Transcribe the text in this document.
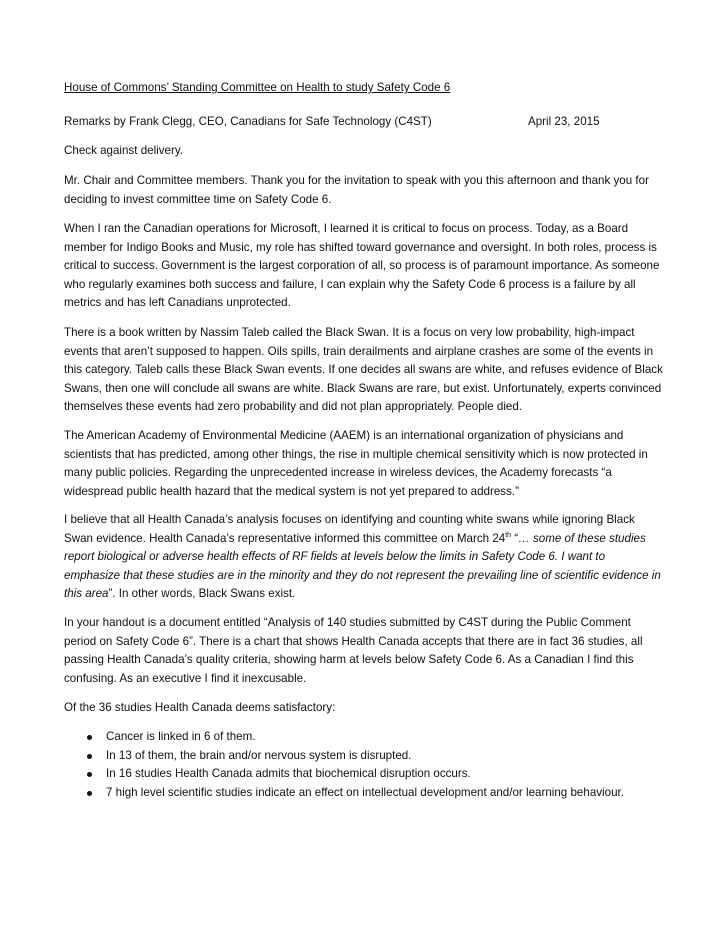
House of Commons’ Standing Committee on Health to study Safety Code 6

Remarks by Frank Clegg, CEO, Canadians for Safe Technology (C4ST)	April 23, 2015

Check against delivery.

Mr. Chair and Committee members. Thank you for the invitation to speak with you this afternoon and thank you for deciding to invest committee time on Safety Code 6.

When I ran the Canadian operations for Microsoft, I learned it is critical to focus on process. Today, as a Board member for Indigo Books and Music, my role has shifted toward governance and oversight. In both roles, process is critical to success. Government is the largest corporation of all, so process is of paramount importance. As someone who regularly examines both success and failure, I can explain why the Safety Code 6 process is a failure by all metrics and has left Canadians unprotected.

There is a book written by Nassim Taleb called the Black Swan. It is a focus on very low probability, high-impact events that aren’t supposed to happen. Oils spills, train derailments and airplane crashes are some of the events in this category. Taleb calls these Black Swan events. If one decides all swans are white, and refuses evidence of Black Swans, then one will conclude all swans are white. Black Swans are rare, but exist. Unfortunately, experts convinced themselves these events had zero probability and did not plan appropriately. People died.

The American Academy of Environmental Medicine (AAEM) is an international organization of physicians and scientists that has predicted, among other things, the rise in multiple chemical sensitivity which is now protected in many public policies. Regarding the unprecedented increase in wireless devices, the Academy forecasts “a widespread public health hazard that the medical system is not yet prepared to address.”

I believe that all Health Canada’s analysis focuses on identifying and counting white swans while ignoring Black Swan evidence. Health Canada’s representative informed this committee on March 24th “… some of these studies report biological or adverse health effects of RF fields at levels below the limits in Safety Code 6. I want to emphasize that these studies are in the minority and they do not represent the prevailing line of scientific evidence in this area”. In other words, Black Swans exist.

In your handout is a document entitled “Analysis of 140 studies submitted by C4ST during the Public Comment period on Safety Code 6”. There is a chart that shows Health Canada accepts that there are in fact 36 studies, all passing Health Canada’s quality criteria, showing harm at levels below Safety Code 6. As a Canadian I find this confusing. As an executive I find it inexcusable.

Of the 36 studies Health Canada deems satisfactory:

Cancer is linked in 6 of them.
In 13 of them, the brain and/or nervous system is disrupted.
In 16 studies Health Canada admits that biochemical disruption occurs.
7 high level scientific studies indicate an effect on intellectual development and/or learning behaviour.
